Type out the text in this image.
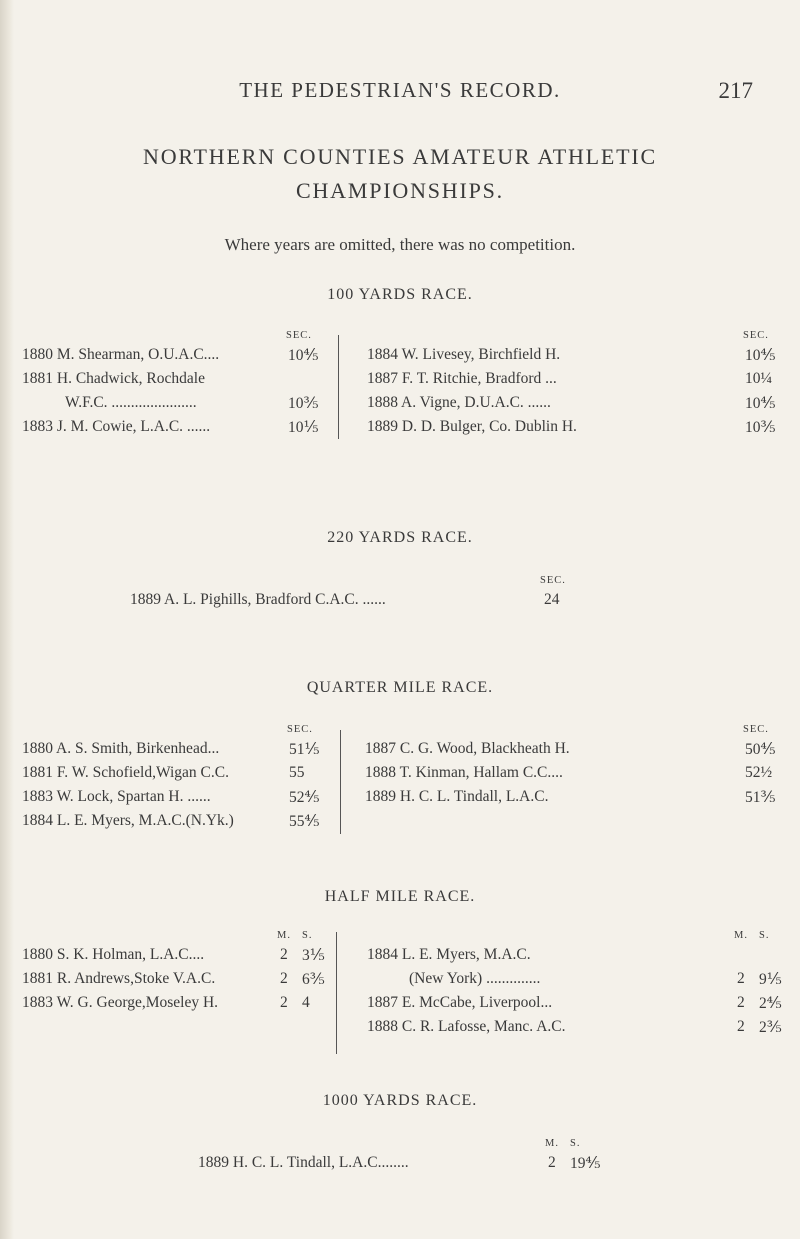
THE PEDESTRIAN'S RECORD.	217
NORTHERN COUNTIES AMATEUR ATHLETIC
CHAMPIONSHIPS.
Where years are omitted, there was no competition.
100 YARDS RACE.
SEC.
1880 M. Shearman, O.U.A.C....	10⅘
1881 H. Chadwick, Rochdale
W.F.C. ......................	10⅗
1883 J. M. Cowie, L.A.C. ......	10⅕
SEC.
1884 W. Livesey, Birchfield H.	10⅘
1887 F. T. Ritchie, Bradford ...	10¼
1888 A. Vigne, D.U.A.C. ......	10⅘
1889 D. D. Bulger, Co. Dublin H.	10⅗
220 YARDS RACE.
SEC.
1889 A. L. Pighills, Bradford C.A.C. ......	24
QUARTER MILE RACE.
SEC.
1880 A. S. Smith, Birkenhead...	51⅕
1881 F. W. Schofield,Wigan C.C.	55
1883 W. Lock, Spartan H. ......	52⅘
1884 L. E. Myers, M.A.C.(N.Yk.)	55⅘
SEC.
1887 C. G. Wood, Blackheath H.	50⅘
1888 T. Kinman, Hallam C.C....	52½
1889 H. C. L. Tindall, L.A.C.	51⅗
HALF MILE RACE.
M. S.
1880 S. K. Holman, L.A.C....	2 3⅕
1881 R. Andrews,Stoke V.A.C.	2 6⅗
1883 W. G. George,Moseley H.	2 4
M. S.
1884 L. E. Myers, M.A.C.
(New York) ..............	2 9⅕
1887 E. McCabe, Liverpool...	2 2⅘
1888 C. R. Lafosse, Manc. A.C.	2 2⅗
1000 YARDS RACE.
M. S.
1889 H. C. L. Tindall, L.A.C........	2 19⅘
